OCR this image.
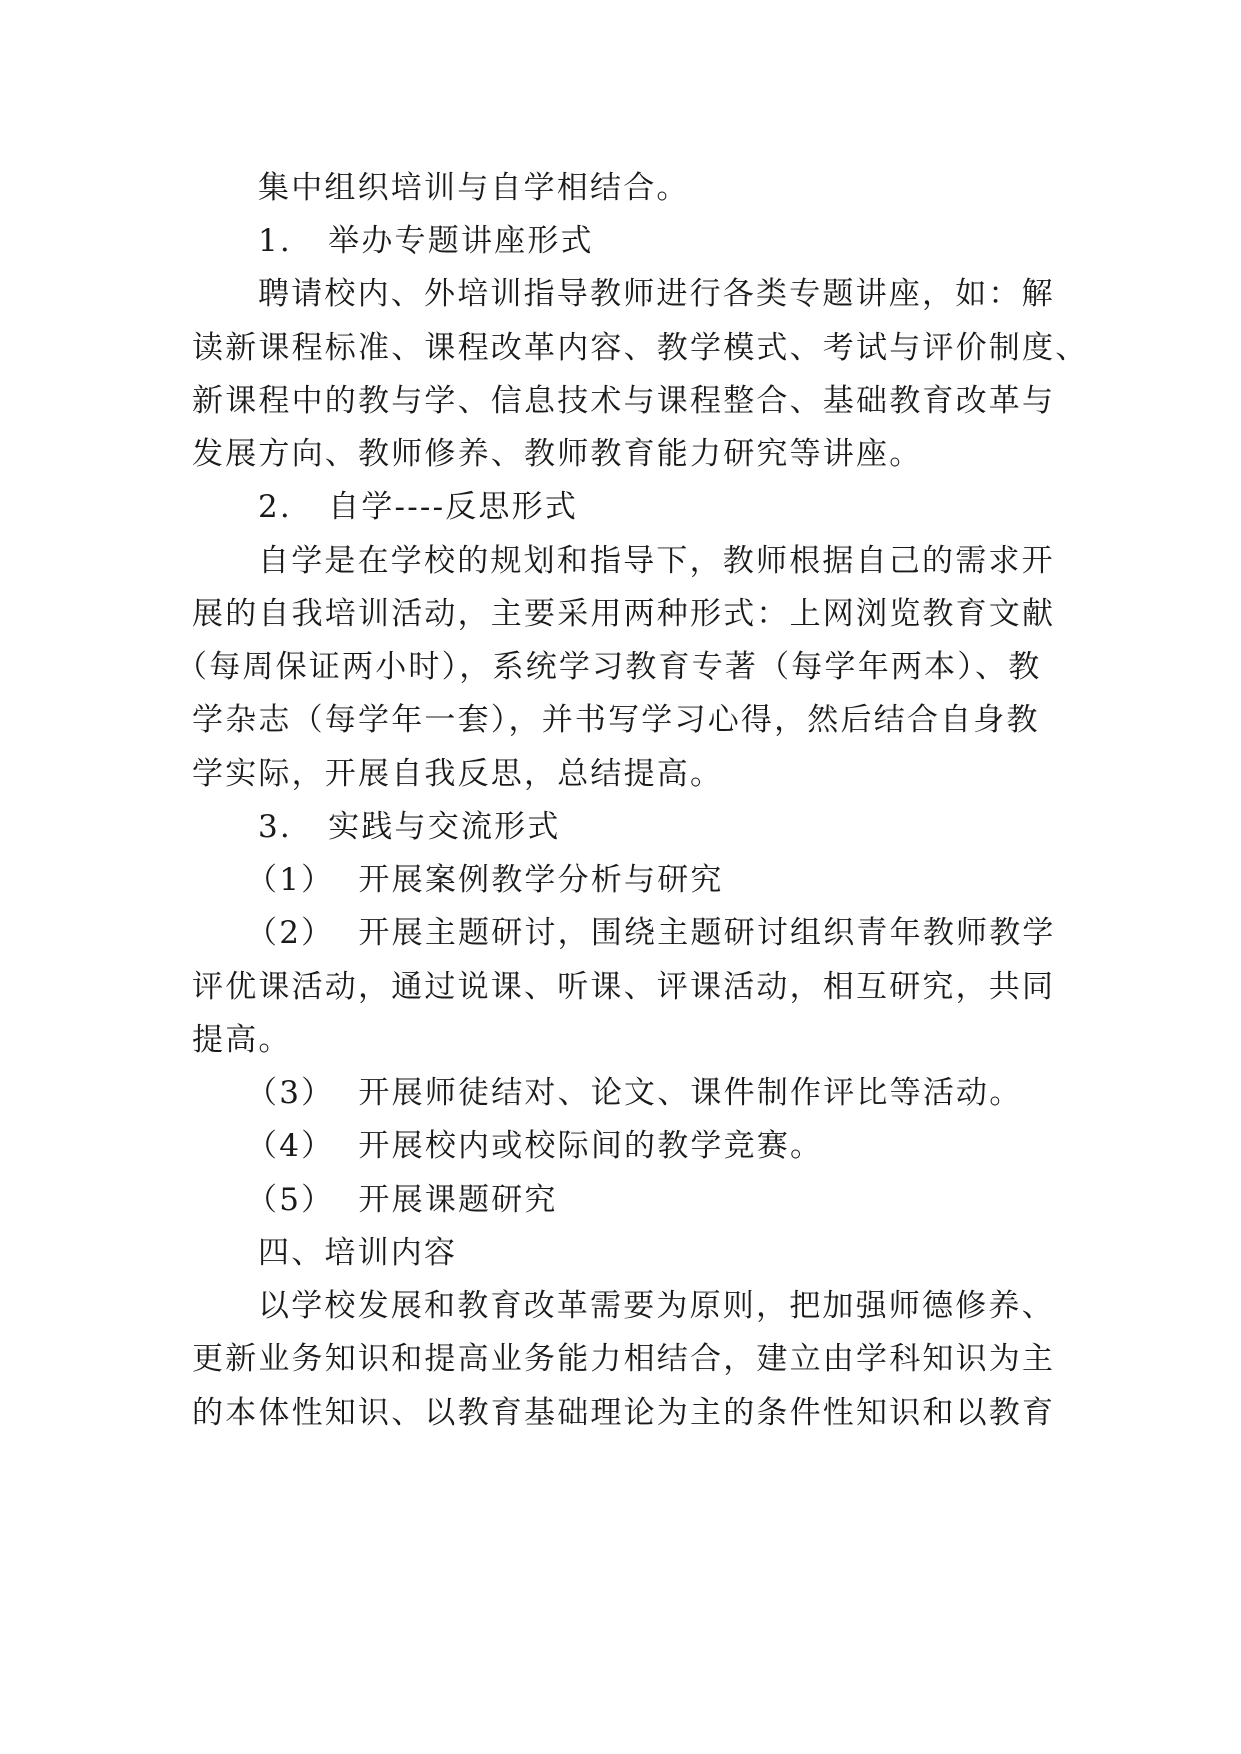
集中组织培训与自学相结合。
1.   举办专题讲座形式
聘请校内、外培训指导教师进行各类专题讲座，如：解
读新课程标准、课程改革内容、教学模式、考试与评价制度、
新课程中的教与学、信息技术与课程整合、基础教育改革与
发展方向、教师修养、教师教育能力研究等讲座。
2.   自学----反思形式
自学是在学校的规划和指导下，教师根据自己的需求开
展的自我培训活动，主要采用两种形式：上网浏览教育文献
（每周保证两小时），系统学习教育专著（每学年两本）、教
学杂志（每学年一套），并书写学习心得，然后结合自身教
学实际，开展自我反思，总结提高。
3.   实践与交流形式
（1）  开展案例教学分析与研究
（2）  开展主题研讨，围绕主题研讨组织青年教师教学
评优课活动，通过说课、听课、评课活动，相互研究，共同
提高。
（3）  开展师徒结对、论文、课件制作评比等活动。
（4）  开展校内或校际间的教学竞赛。
（5）  开展课题研究
四、培训内容
以学校发展和教育改革需要为原则，把加强师德修养、
更新业务知识和提高业务能力相结合，建立由学科知识为主
的本体性知识、以教育基础理论为主的条件性知识和以教育
